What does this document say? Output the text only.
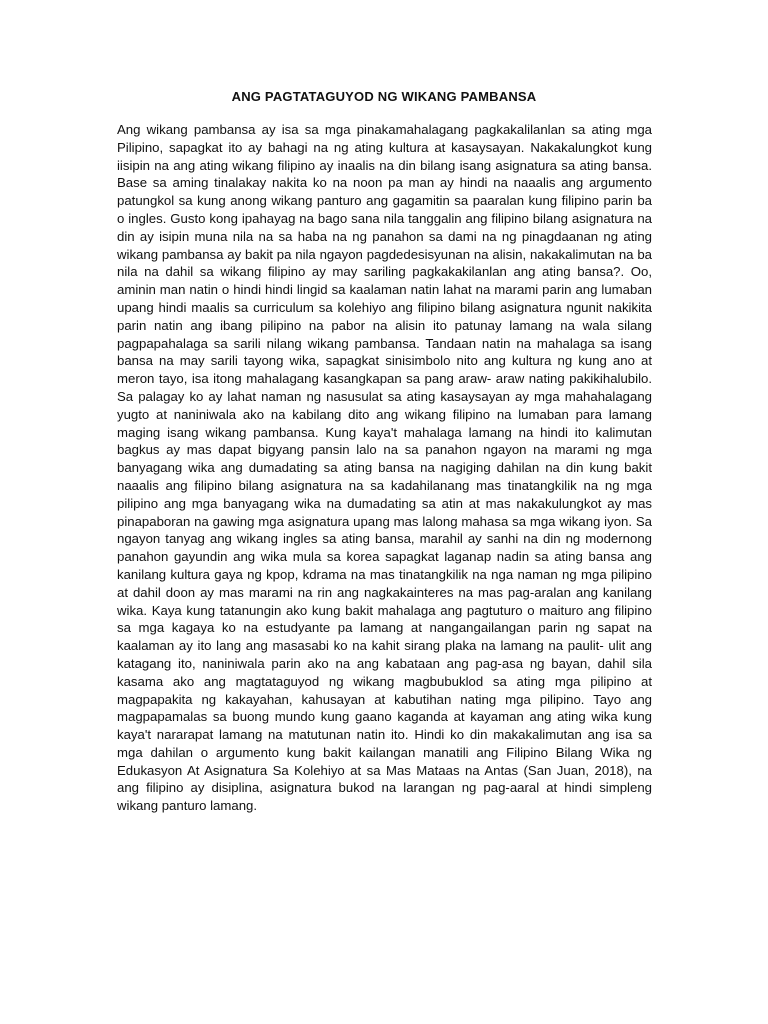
ANG PAGTATAGUYOD NG WIKANG PAMBANSA

Ang wikang pambansa ay isa sa mga pinakamahalagang pagkakalilanlan sa ating mga Pilipino, sapagkat ito ay bahagi na ng ating kultura at kasaysayan. Nakakalungkot kung iisipin na ang ating wikang filipino ay inaalis na din bilang isang asignatura sa ating bansa. Base sa aming tinalakay nakita ko na noon pa man ay hindi na naaalis ang argumento patungkol sa kung anong wikang panturo ang gagamitin sa paaralan kung filipino parin ba o ingles. Gusto kong ipahayag na bago sana nila tanggalin ang filipino bilang asignatura na din ay isipin muna nila na sa haba na ng panahon sa dami na ng pinagdaanan ng ating wikang pambansa ay bakit pa nila ngayon pagdedesisyunan na alisin, nakakalimutan na ba nila na dahil sa wikang filipino ay may sariling pagkakakilanlan ang ating bansa?. Oo, aminin man natin o hindi hindi lingid sa kaalaman natin lahat na marami parin ang lumaban upang hindi maalis sa curriculum sa kolehiyo ang filipino bilang asignatura ngunit nakikita parin natin ang ibang pilipino na pabor na alisin ito patunay lamang na wala silang pagpapahalaga sa sarili nilang wikang pambansa. Tandaan natin na mahalaga sa isang bansa na may sarili tayong wika, sapagkat sinisimbolo nito ang kultura ng kung ano at meron tayo, isa itong mahalagang kasangkapan sa pang araw- araw nating pakikihalubilo. Sa palagay ko ay lahat naman ng nasusulat sa ating kasaysayan ay mga mahahalagang yugto at naniniwala ako na kabilang dito ang wikang filipino na lumaban para lamang maging isang wikang pambansa. Kung kaya't mahalaga lamang na hindi ito kalimutan bagkus ay mas dapat bigyang pansin lalo na sa panahon ngayon na marami ng mga banyagang wika ang dumadating sa ating bansa na nagiging dahilan na din kung bakit naaalis ang filipino bilang asignatura na sa kadahilanang mas tinatangkilik na ng mga pilipino ang mga banyagang wika na dumadating sa atin at mas nakakulungkot ay mas pinapaboran na gawing mga asignatura upang mas lalong mahasa sa mga wikang iyon. Sa ngayon tanyag ang wikang ingles sa ating bansa, marahil ay sanhi na din ng modernong panahon gayundin ang wika mula sa korea sapagkat laganap nadin sa ating bansa ang kanilang kultura gaya ng kpop, kdrama na mas tinatangkilik na nga naman ng mga pilipino at dahil doon ay mas marami na rin ang nagkakainteres na mas pag-aralan ang kanilang wika. Kaya kung tatanungin ako kung bakit mahalaga ang pagtuturo o maituro ang filipino sa mga kagaya ko na estudyante pa lamang at nangangailangan parin ng sapat na kaalaman ay ito lang ang masasabi ko na kahit sirang plaka na lamang na paulit- ulit ang katagang ito, naniniwala parin ako na ang kabataan ang pag-asa ng bayan, dahil sila kasama ako ang magtataguyod ng wikang magbubuklod sa ating mga pilipino at magpapakita ng kakayahan, kahusayan at kabutihan nating mga pilipino. Tayo ang magpapamalas sa buong mundo kung gaano kaganda at kayaman ang ating wika kung kaya't nararapat lamang na matutunan natin ito. Hindi ko din makakalimutan ang isa sa mga dahilan o argumento kung bakit kailangan manatili ang Filipino Bilang Wika ng Edukasyon At Asignatura Sa Kolehiyo at sa Mas Mataas na Antas (San Juan, 2018), na ang filipino ay disiplina, asignatura bukod na larangan ng pag-aaral at hindi simpleng wikang panturo lamang.
